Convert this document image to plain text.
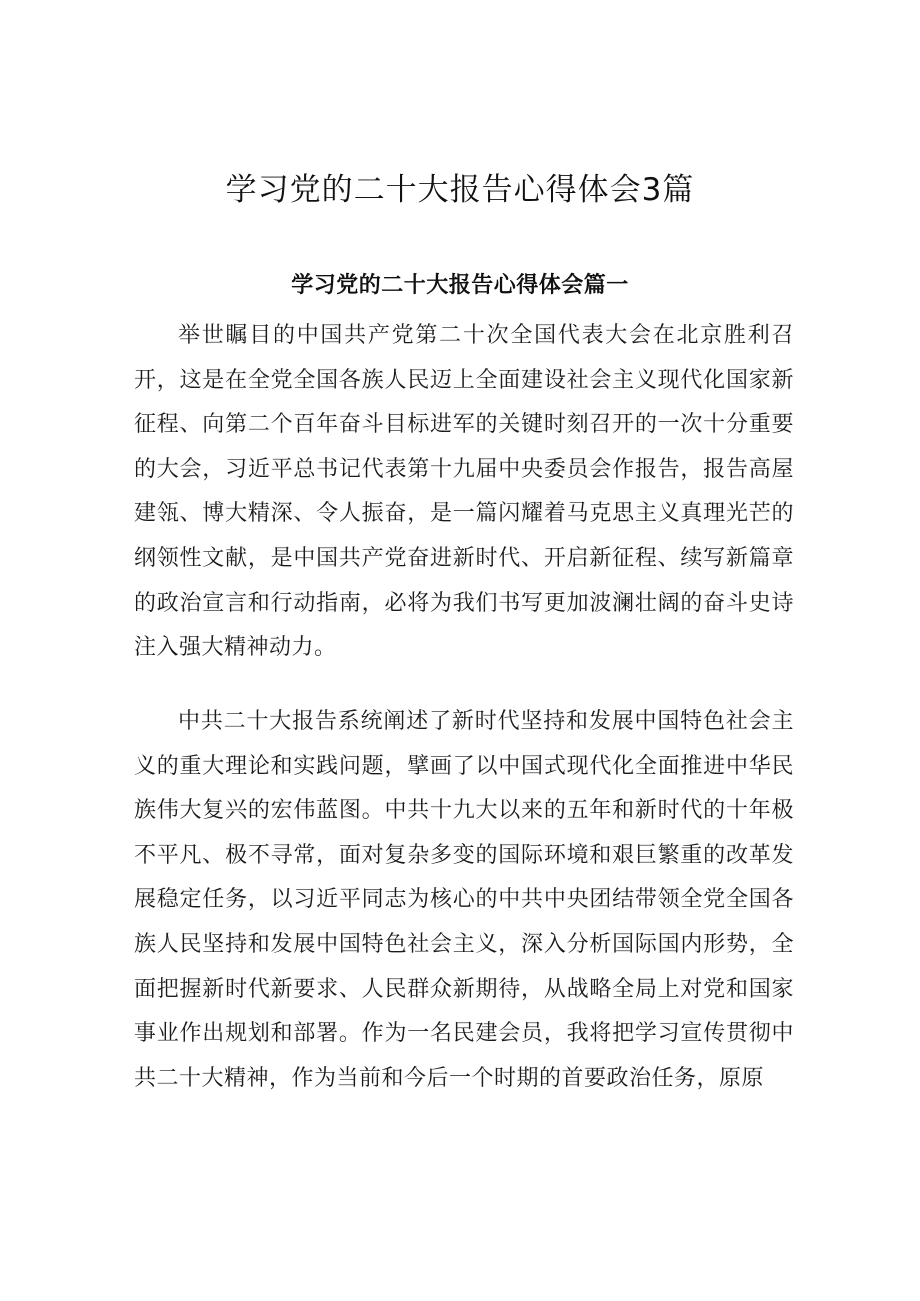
学习党的二十大报告心得体会3篇
学习党的二十大报告心得体会篇一

举世瞩目的中国共产党第二十次全国代表大会在北京胜利召开，这是在全党全国各族人民迈上全面建设社会主义现代化国家新征程、向第二个百年奋斗目标进军的关键时刻召开的一次十分重要的大会，习近平总书记代表第十九届中央委员会作报告，报告高屋建瓴、博大精深、令人振奋，是一篇闪耀着马克思主义真理光芒的纲领性文献，是中国共产党奋进新时代、开启新征程、续写新篇章的政治宣言和行动指南，必将为我们书写更加波澜壮阔的奋斗史诗注入强大精神动力。

中共二十大报告系统阐述了新时代坚持和发展中国特色社会主义的重大理论和实践问题，擘画了以中国式现代化全面推进中华民族伟大复兴的宏伟蓝图。中共十九大以来的五年和新时代的十年极不平凡、极不寻常，面对复杂多变的国际环境和艰巨繁重的改革发展稳定任务，以习近平同志为核心的中共中央团结带领全党全国各族人民坚持和发展中国特色社会主义，深入分析国际国内形势，全面把握新时代新要求、人民群众新期待，从战略全局上对党和国家事业作出规划和部署。作为一名民建会员，我将把学习宣传贯彻中共二十大精神，作为当前和今后一个时期的首要政治任务，原原
